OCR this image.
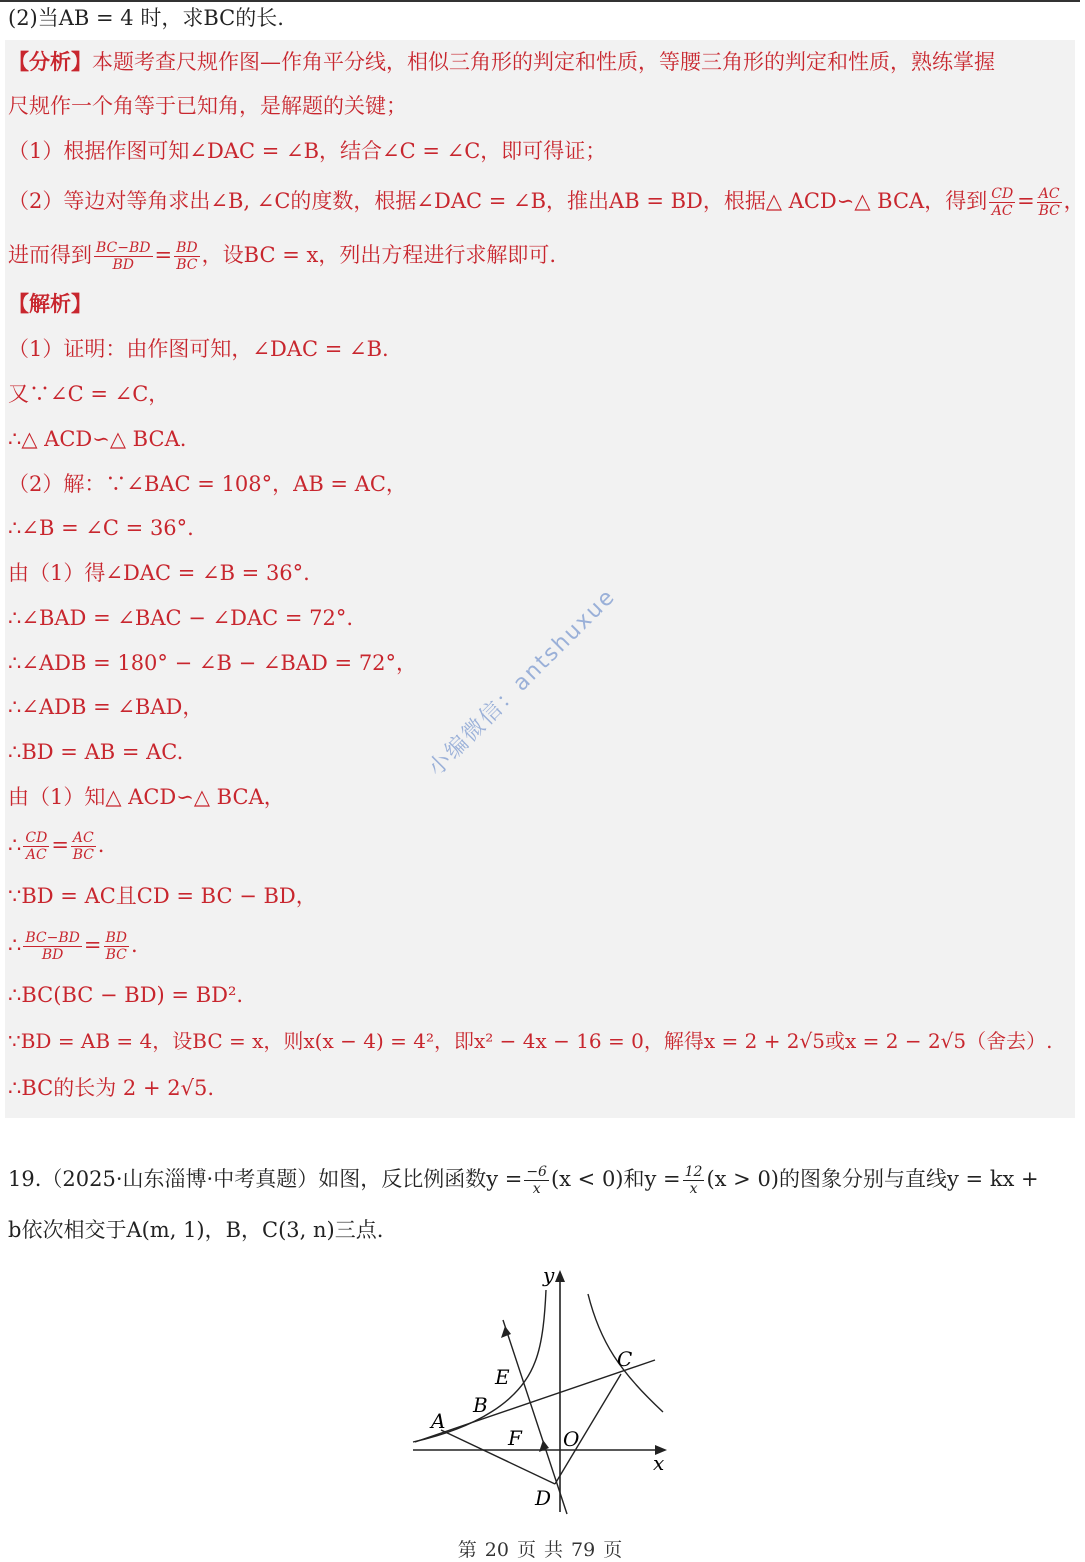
(2)当AB = 4 时，求BC的长.
【分析】本题考查尺规作图—作角平分线，相似三角形的判定和性质，等腰三角形的判定和性质，熟练掌握
尺规作一个角等于已知角，是解题的关键；
（1）根据作图可知∠DAC = ∠B，结合∠C = ∠C，即可得证；
（2）等边对等角求出∠B, ∠C的度数，根据∠DAC = ∠B，推出AB = BD，根据△ ACD∽△ BCA，得到 $\frac{CD}{AC} = \frac{AC}{BC}$ ，
进而得到 $\frac{BC-BD}{BD} = \frac{BD}{BC}$ ，设BC = x，列出方程进行求解即可.
【解析】
（1）证明：由作图可知，∠DAC = ∠B.
又∵∠C = ∠C，
∴△ ACD∽△ BCA.
（2）解：∵∠BAC = 108°，AB = AC，
∴∠B = ∠C = 36°.
由（1）得∠DAC = ∠B = 36°.
∴∠BAD = ∠BAC − ∠DAC = 72°.
∴∠ADB = 180° − ∠B − ∠BAD = 72°，
∴∠ADB = ∠BAD，
∴BD = AB = AC.
由（1）知△ ACD∽△ BCA，
∴ $\frac{CD}{AC} = \frac{AC}{BC}$ .
∵BD = AC且CD = BC − BD，
∴ $\frac{BC-BD}{BD} = \frac{BD}{BC}$ .
∴BC(BC − BD) = BD².
∵BD = AB = 4，设BC = x，则x(x − 4) = 4²，即x² − 4x − 16 = 0，解得x = 2 + 2√5或x = 2 − 2√5（舍去）.
∴BC的长为 2 + 2√5.
小编微信：antshuxue
19.（2025·山东淄博·中考真题）如图，反比例函数$y = \frac{-6}{x} (x < 0)$和$y = \frac{12}{x} (x > 0)$的图象分别与直线y = kx +
b依次相交于A(m, 1)，B，C(3, n)三点.
y
x
O
A
B
C
D
E
F
第 20 页 共 79 页
